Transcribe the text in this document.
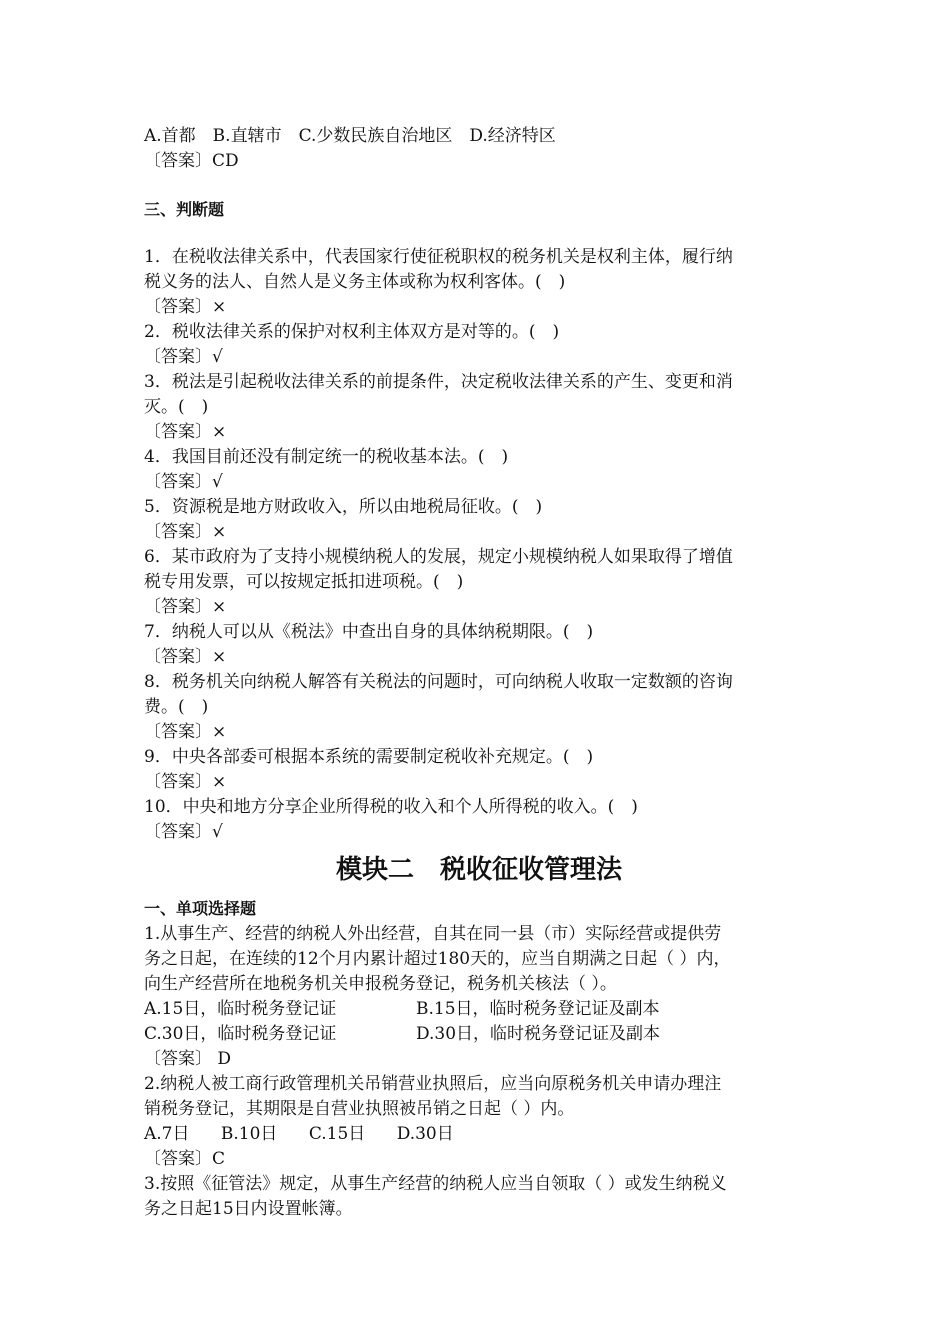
A.首都　B.直辖市　C.少数民族自治地区　D.经济特区
〔答案〕CD
三、判断题
1．在税收法律关系中，代表国家行使征税职权的税务机关是权利主体，履行纳
税义务的法人、自然人是义务主体或称为权利客体。(　)
〔答案〕×
2．税收法律关系的保护对权利主体双方是对等的。(　)
〔答案〕√
3．税法是引起税收法律关系的前提条件，决定税收法律关系的产生、变更和消
灭。(　)
〔答案〕×
4．我国目前还没有制定统一的税收基本法。(　)
〔答案〕√
5．资源税是地方财政收入，所以由地税局征收。(　)
〔答案〕×
6．某市政府为了支持小规模纳税人的发展，规定小规模纳税人如果取得了增值
税专用发票，可以按规定抵扣进项税。(　)
〔答案〕×
7．纳税人可以从《税法》中查出自身的具体纳税期限。(　)
〔答案〕×
8．税务机关向纳税人解答有关税法的问题时，可向纳税人收取一定数额的咨询
费。(　)
〔答案〕×
9．中央各部委可根据本系统的需要制定税收补充规定。(　)
〔答案〕×
10．中央和地方分享企业所得税的收入和个人所得税的收入。(　)
〔答案〕√
模块二　税收征收管理法
一、单项选择题
1.从事生产、经营的纳税人外出经营，自其在同一县（市）实际经营或提供劳
务之日起，在连续的12个月内累计超过180天的，应当自期满之日起（ ）内，
向生产经营所在地税务机关申报税务登记，税务机关核法（ ）。
A.15日，临时税务登记证	B.15日，临时税务登记证及副本
C.30日，临时税务登记证	D.30日，临时税务登记证及副本
〔答案〕 D
2.纳税人被工商行政管理机关吊销营业执照后，应当向原税务机关申请办理注
销税务登记，其期限是自营业执照被吊销之日起（ ）内。
A.7日 B.10日 C.15日 D.30日
〔答案〕C
3.按照《征管法》规定，从事生产经营的纳税人应当自领取（ ）或发生纳税义
务之日起15日内设置帐簿。
